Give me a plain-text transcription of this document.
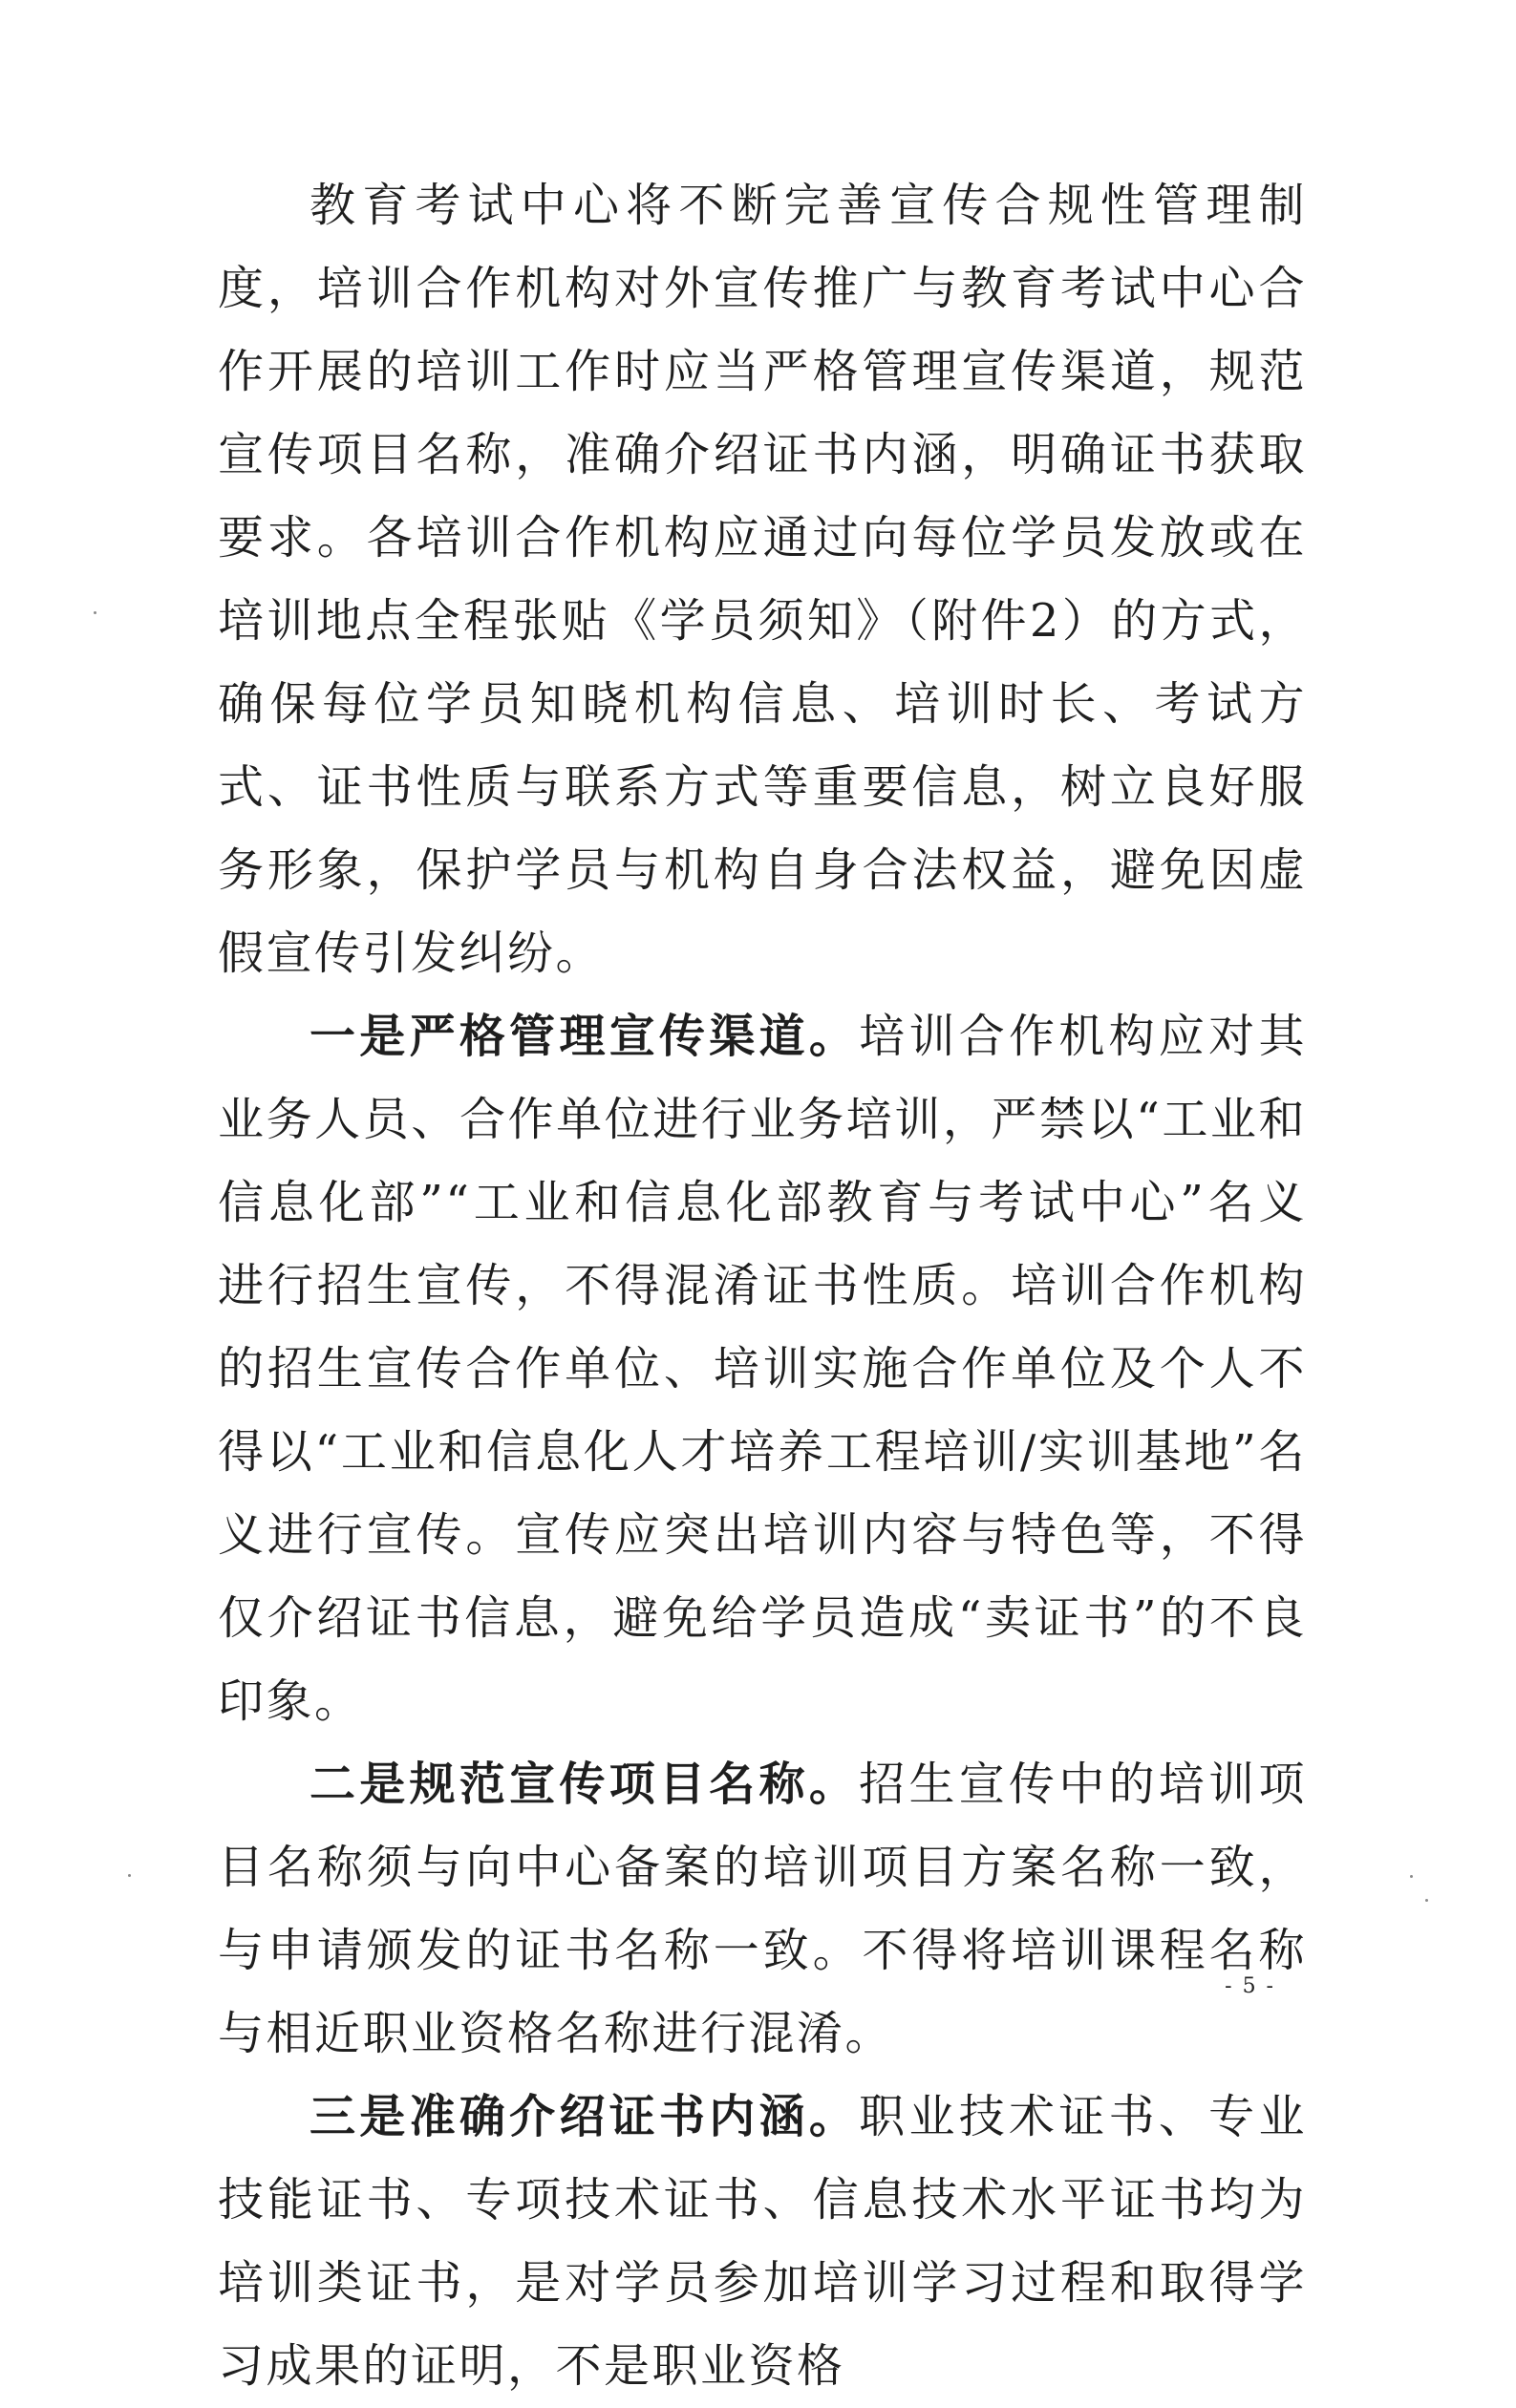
教育考试中心将不断完善宣传合规性管理制度，培训合作机构对外宣传推广与教育考试中心合作开展的培训工作时应当严格管理宣传渠道，规范宣传项目名称，准确介绍证书内涵，明确证书获取要求。各培训合作机构应通过向每位学员发放或在培训地点全程张贴《学员须知》（附件2）的方式，确保每位学员知晓机构信息、培训时长、考试方式、证书性质与联系方式等重要信息，树立良好服务形象，保护学员与机构自身合法权益，避免因虚假宣传引发纠纷。

一是严格管理宣传渠道。培训合作机构应对其业务人员、合作单位进行业务培训，严禁以“工业和信息化部”“工业和信息化部教育与考试中心”名义进行招生宣传，不得混淆证书性质。培训合作机构的招生宣传合作单位、培训实施合作单位及个人不得以“工业和信息化人才培养工程培训/实训基地”名义进行宣传。宣传应突出培训内容与特色等，不得仅介绍证书信息，避免给学员造成“卖证书”的不良印象。

二是规范宣传项目名称。招生宣传中的培训项目名称须与向中心备案的培训项目方案名称一致，与申请颁发的证书名称一致。不得将培训课程名称与相近职业资格名称进行混淆。

三是准确介绍证书内涵。职业技术证书、专业技能证书、专项技术证书、信息技术水平证书均为培训类证书，是对学员参加培训学习过程和取得学习成果的证明，不是职业资格

- 5 -
